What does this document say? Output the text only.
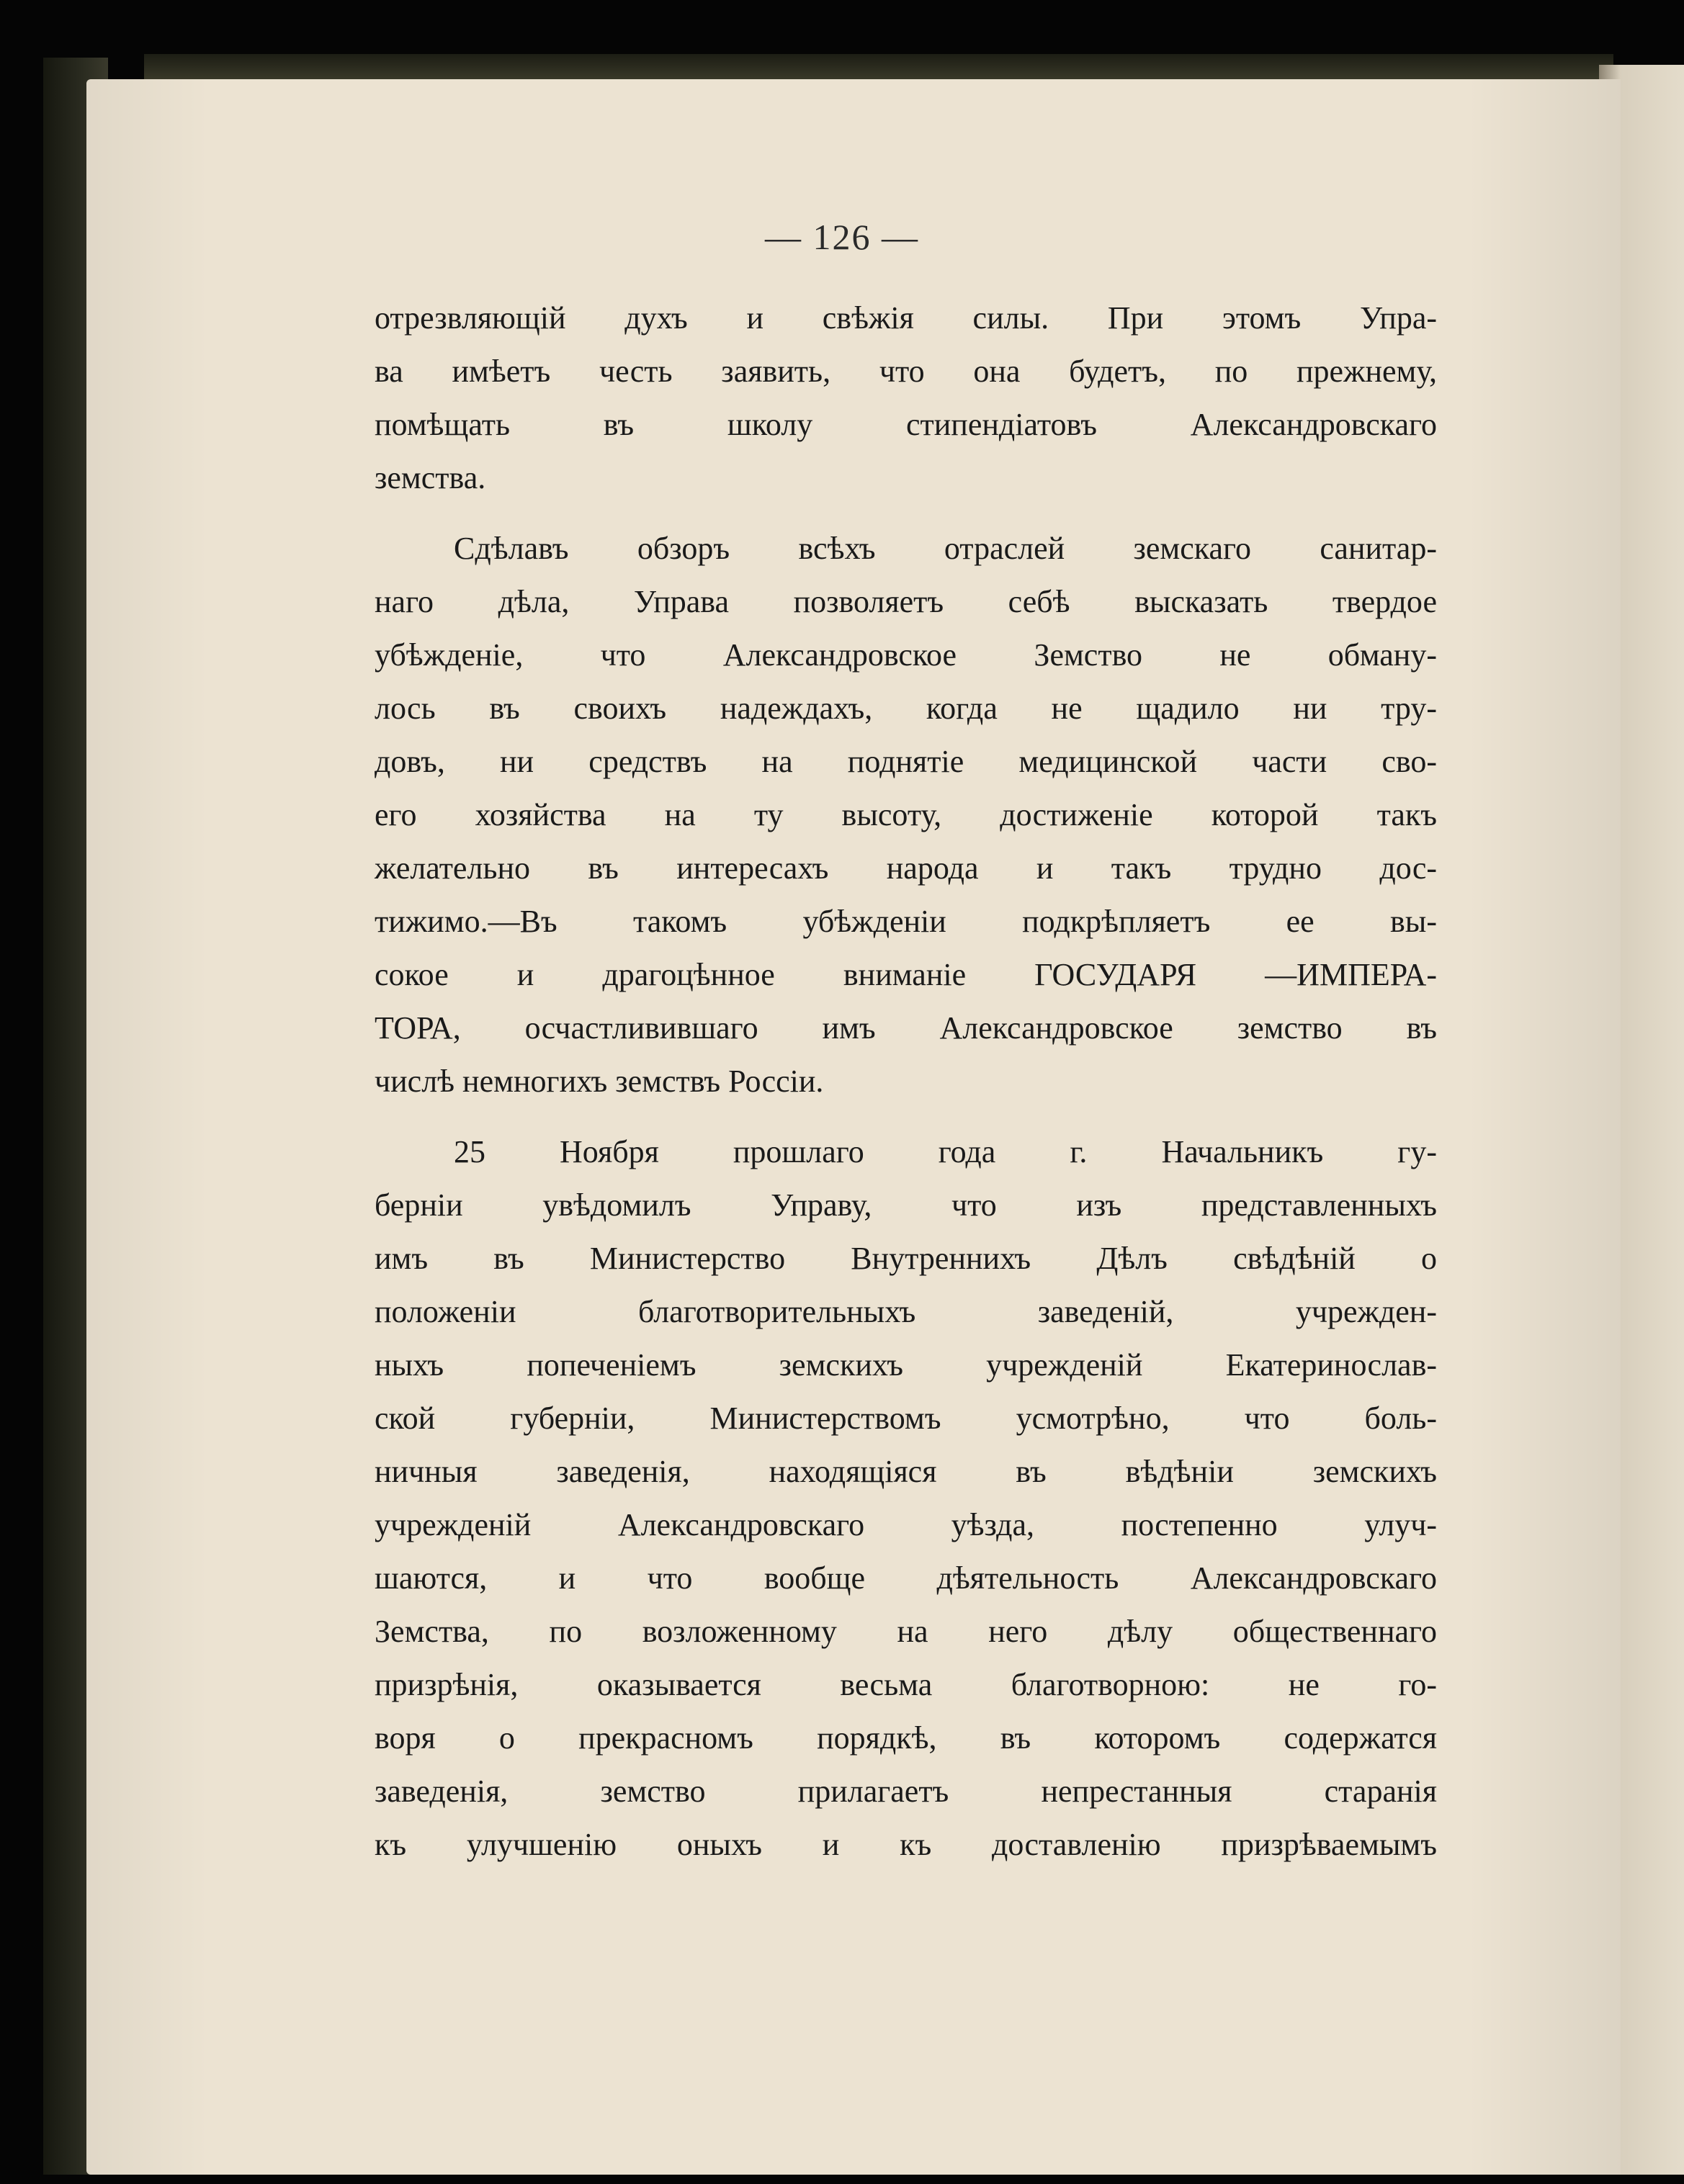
— 126 —
отрезвляющій духъ и свѣжія силы. При этомъ Упра-
ва имѣетъ честь заявить, что она будетъ, по прежнему,
помѣщать въ школу стипендіатовъ Александровскаго
земства.
Сдѣлавъ обзоръ всѣхъ отраслей земскаго санитар-
наго дѣла, Управа позволяетъ себѣ высказать твердое
убѣжденіе, что Александровское Земство не обману-
лось въ своихъ надеждахъ, когда не щадило ни тру-
довъ, ни средствъ на поднятіе медицинской части сво-
его хозяйства на ту высоту, достиженіе которой такъ
желательно въ интересахъ народа и такъ трудно дос-
тижимо.—Въ такомъ убѣжденіи подкрѣпляетъ ее вы-
сокое и драгоцѣнное вниманіе ГОСУДАРЯ —ИМПЕРА-
ТОРА, осчастливившаго имъ Александровское земство въ
числѣ немногихъ земствъ Россіи.
25 Ноября прошлаго года г. Начальникъ гу-
берніи увѣдомилъ Управу, что изъ представленныхъ
имъ въ Министерство Внутреннихъ Дѣлъ свѣдѣній о
положеніи благотворительныхъ заведеній, учрежден-
ныхъ попеченіемъ земскихъ учрежденій Екатеринослав-
ской губерніи, Министерствомъ усмотрѣно, что боль-
ничныя заведенія, находящіяся въ вѣдѣніи земскихъ
учрежденій Александровскаго уѣзда, постепенно улуч-
шаются, и что вообще дѣятельность Александровскаго
Земства, по возложенному на него дѣлу общественнаго
призрѣнія, оказывается весьма благотворною: не го-
воря о прекрасномъ порядкѣ, въ которомъ содержатся
заведенія, земство прилагаетъ непрестанныя старанія
къ улучшенію оныхъ и къ доставленію призрѣваемымъ
